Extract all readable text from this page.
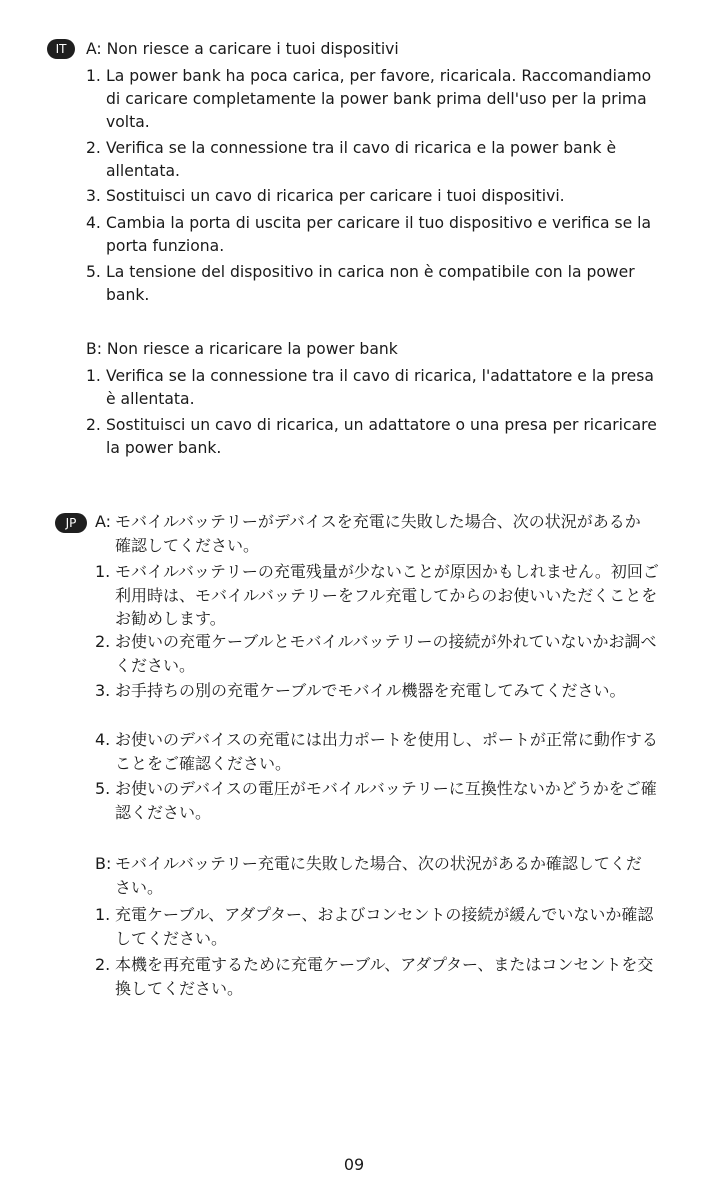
IT	A: Non riesce a caricare i tuoi dispositivi
1. La power bank ha poca carica, per favore, ricaricala. Raccomandiamo di caricare completamente la power bank prima dell'uso per la prima volta.
2. Verifica se la connessione tra il cavo di ricarica e la power bank è allentata.
3. Sostituisci un cavo di ricarica per caricare i tuoi dispositivi.
4. Cambia la porta di uscita per caricare il tuo dispositivo e verifica se la porta funziona.
5. La tensione del dispositivo in carica non è compatibile con la power bank.
B: Non riesce a ricaricare la power bank
1. Verifica se la connessione tra il cavo di ricarica, l'adattatore e la presa è allentata.
2. Sostituisci un cavo di ricarica, un adattatore o una presa per ricaricare la power bank.
JP	A: モバイルバッテリーがデバイスを充電に失敗した場合、次の状況があるか確認してください。
1. モバイルバッテリーの充電残量が少ないことが原因かもしれません。初回ご利用時は、モバイルバッテリーをフル充電してからのお使いいただくことをお勧めします。
2. お使いの充電ケーブルとモバイルバッテリーの接続が外れていないかお調べください。
3. お手持ちの別の充電ケーブルでモバイル機器を充電してみてください。
4. お使いのデバイスの充電には出力ポートを使用し、ポートが正常に動作することをご確認ください。
5. お使いのデバイスの電圧がモバイルバッテリーに互換性ないかどうかをご確認ください。
B: モバイルバッテリー充電に失敗した場合、次の状況があるか確認してください。
1. 充電ケーブル、アダプター、およびコンセントの接続が緩んでいないか確認してください。
2. 本機を再充電するために充電ケーブル、アダプター、またはコンセントを交換してください。
09
